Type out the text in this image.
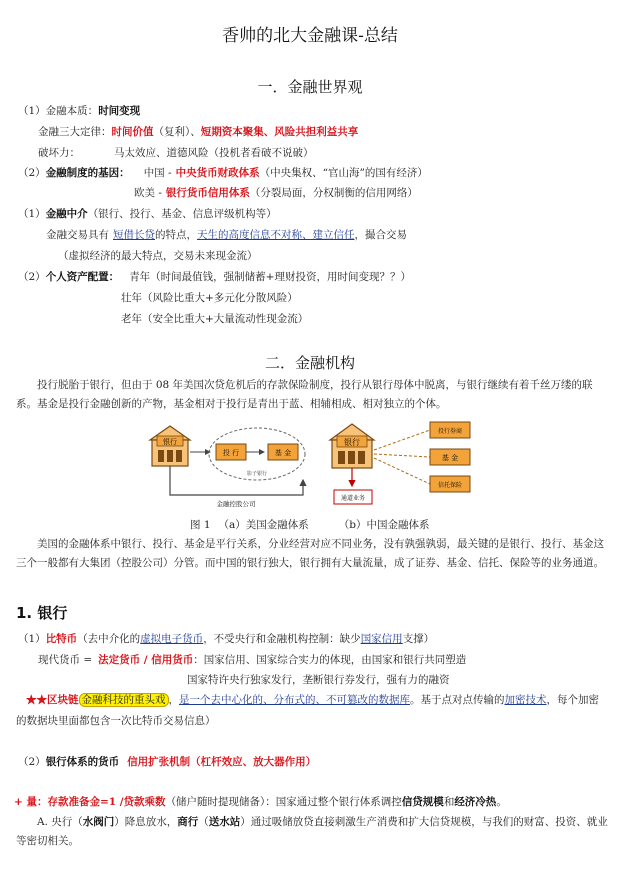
香帅的北大金融课-总结
一．金融世界观
（1）金融本质：时间变现
金融三大定律：时间价值（复利）、短期资本聚集、风险共担利益共享
破坏力：	马太效应、道德风险（投机者看破不说破）
（2）金融制度的基因： 中国 - 中央货币财政体系（中央集权、“官山海”的国有经济）
欧美 - 银行货币信用体系（分裂局面，分权制衡的信用网络）
（1）金融中介（银行、投行、基金、信息评级机构等）
金融交易具有 短借长贷的特点，天生的高度信息不对称、建立信任，撮合交易
（虚拟经济的最大特点，交易未来现金流）
（2）个人资产配置： 青年（时间最值钱，强制储蓄+理财投资，用时间变现？？）
壮年（风险比重大+多元化分散风险）
老年（安全比重大+大量流动性现金流）
二．金融机构
投行脱胎于银行，但由于 08 年美国次贷危机后的存款保险制度，投行从银行母体中脱离，与银行继续有着千丝万缕的联系。基金是投行金融创新的产物，基金相对于投行是青出于蓝、相辅相成、相对独立的个体。
银行
投 行	基 金
影子银行
金融控股公司
银行
投行券商
基 金
信托保险
通道业务
图 1 （a）美国金融体系	（b）中国金融体系
美国的金融体系中银行、投行、基金是平行关系，分业经营对应不同业务，没有孰强孰弱，最关键的是银行、投行、基金这三个一般都有大集团（控股公司）分管。而中国的银行独大，银行拥有大量流量，成了证券、基金、信托、保险等的业务通道。
1. 银行
（1）比特币（去中介化的虚拟电子货币，不受央行和金融机构控制：缺少国家信用支撑）
现代货币 = 法定货币 / 信用货币：国家信用、国家综合实力的体现，由国家和银行共同塑造
国家特许央行独家发行，垄断银行券发行，强有力的融资
★★区块链 金融科技的重头戏 ，是一个去中心化的、分布式的、不可篡改的数据库。基于点对点传输的加密技术，每个加密
的数据块里面都包含一次比特币交易信息）
（2）银行体系的货币 信用扩张机制（杠杆效应、放大器作用）
+ 量：存款准备金=1 /贷款乘数（储户随时提现储备）：国家通过整个银行体系调控信贷规模和经济冷热。
A. 央行（水阀门）降息放水，商行（送水站）通过吸储放贷直接刺激生产消费和扩大信贷规模，与我们的财富、投资、就业等密切相关。
